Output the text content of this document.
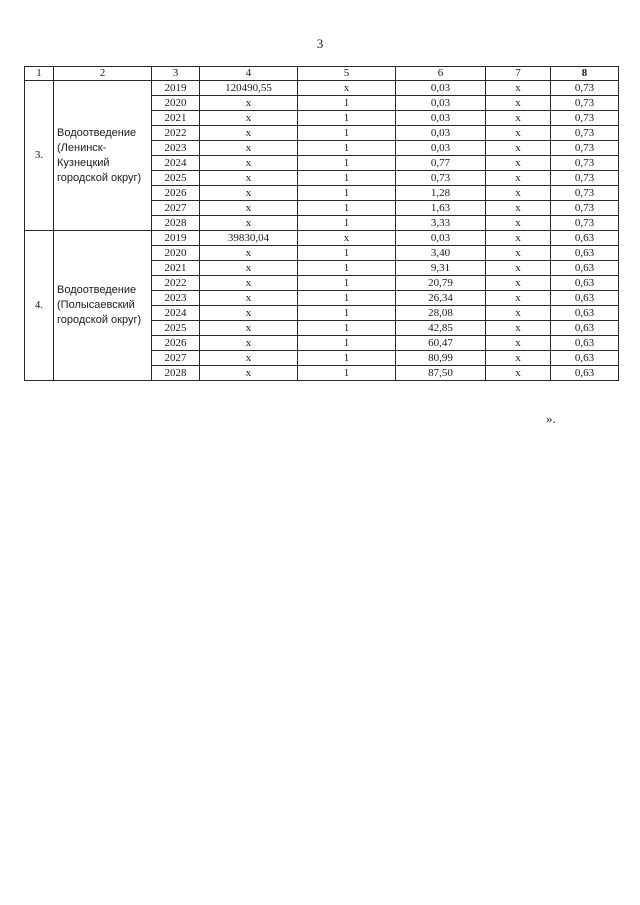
3
1	2	3	4	5	6	7	8
3.	Водоотведение (Ленинск-Кузнецкий городской округ)	2019	120490,55	x	0,03	x	0,73
		2020	x	1	0,03	x	0,73
		2021	x	1	0,03	x	0,73
		2022	x	1	0,03	x	0,73
		2023	x	1	0,03	x	0,73
		2024	x	1	0,77	x	0,73
		2025	x	1	0,73	x	0,73
		2026	x	1	1,28	x	0,73
		2027	x	1	1,63	x	0,73
		2028	x	1	3,33	x	0,73
4.	Водоотведение (Полысаевский городской округ)	2019	39830,04	x	0,03	x	0,63
		2020	x	1	3,40	x	0,63
		2021	x	1	9,31	x	0,63
		2022	x	1	20,79	x	0,63
		2023	x	1	26,34	x	0,63
		2024	x	1	28,08	x	0,63
		2025	x	1	42,85	x	0,63
		2026	x	1	60,47	x	0,63
		2027	x	1	80,99	x	0,63
		2028	x	1	87,50	x	0,63
».
